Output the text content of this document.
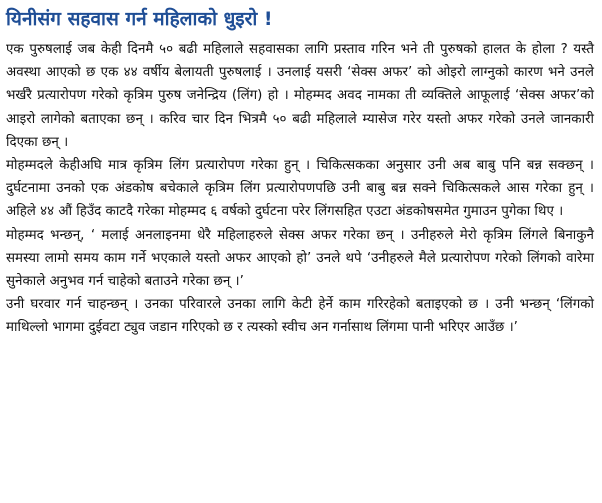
यिनीसंग सहवास गर्न महिलाको धुइरो !

एक पुरुषलाई जब केही दिनमै ५० बढी महिलाले सहवासका लागि प्रस्ताव गरिन भने ती पुरुषको हालत के होला ? यस्तै अवस्था आएको छ एक ४४ वर्षीय बेलायती पुरुषलाई । उनलाई यसरी ‘सेक्स अफर’ को ओइरो लाग्नुको कारण भने उनले भर्खरै प्रत्यारोपण गरेको कृत्रिम पुरुष जनेन्द्रिय (लिंग) हो । मोहम्मद अवद नामका ती व्यक्तिले आफूलाई ‘सेक्स अफर’को आइरो लागेको बताएका छन् । करिव चार दिन भित्रमै ५० बढी महिलाले म्यासेज गरेर यस्तो अफर गरेको उनले जानकारी दिएका छन् ।

मोहम्मदले केहीअघि मात्र कृत्रिम लिंग प्रत्यारोपण गरेका हुन् । चिकित्सकका अनुसार उनी अब बाबु पनि बन्न सक्छन् । दुर्घटनामा उनको एक अंडकोष बचेकाले कृत्रिम लिंग प्रत्यारोपणपछि उनी बाबु बन्न सक्ने चिकित्सकले आस गरेका हुन् । अहिले ४४ औं हिउँद काटदै गरेका मोहम्मद ६ वर्षको दुर्घटना परेर लिंगसहित एउटा अंडकोषसमेत गुमाउन पुगेका थिए ।

मोहम्मद भन्छन्, ‘ मलाई अनलाइनमा धेरै महिलाहरुले सेक्स अफर गरेका छन् । उनीहरुले मेरो कृत्रिम लिंगले बिनाकुनै समस्या लामो समय काम गर्ने भएकाले यस्तो अफर आएको हो’ उनले थपे ‘उनीहरुले मैले प्रत्यारोपण गरेको लिंगको वारेमा सुनेकाले अनुभव गर्न चाहेको बताउने गरेका छन् ।’

उनी घरवार गर्न चाहन्छन् । उनका परिवारले उनका लागि केटी हेर्ने काम गरिरहेको बताइएको छ । उनी भन्छन् ‘लिंगको माथिल्लो भागमा दुईवटा ट्युव जडान गरिएको छ र त्यस्को स्वीच अन गर्नासाथ लिंगमा पानी भरिएर आउँछ ।’
